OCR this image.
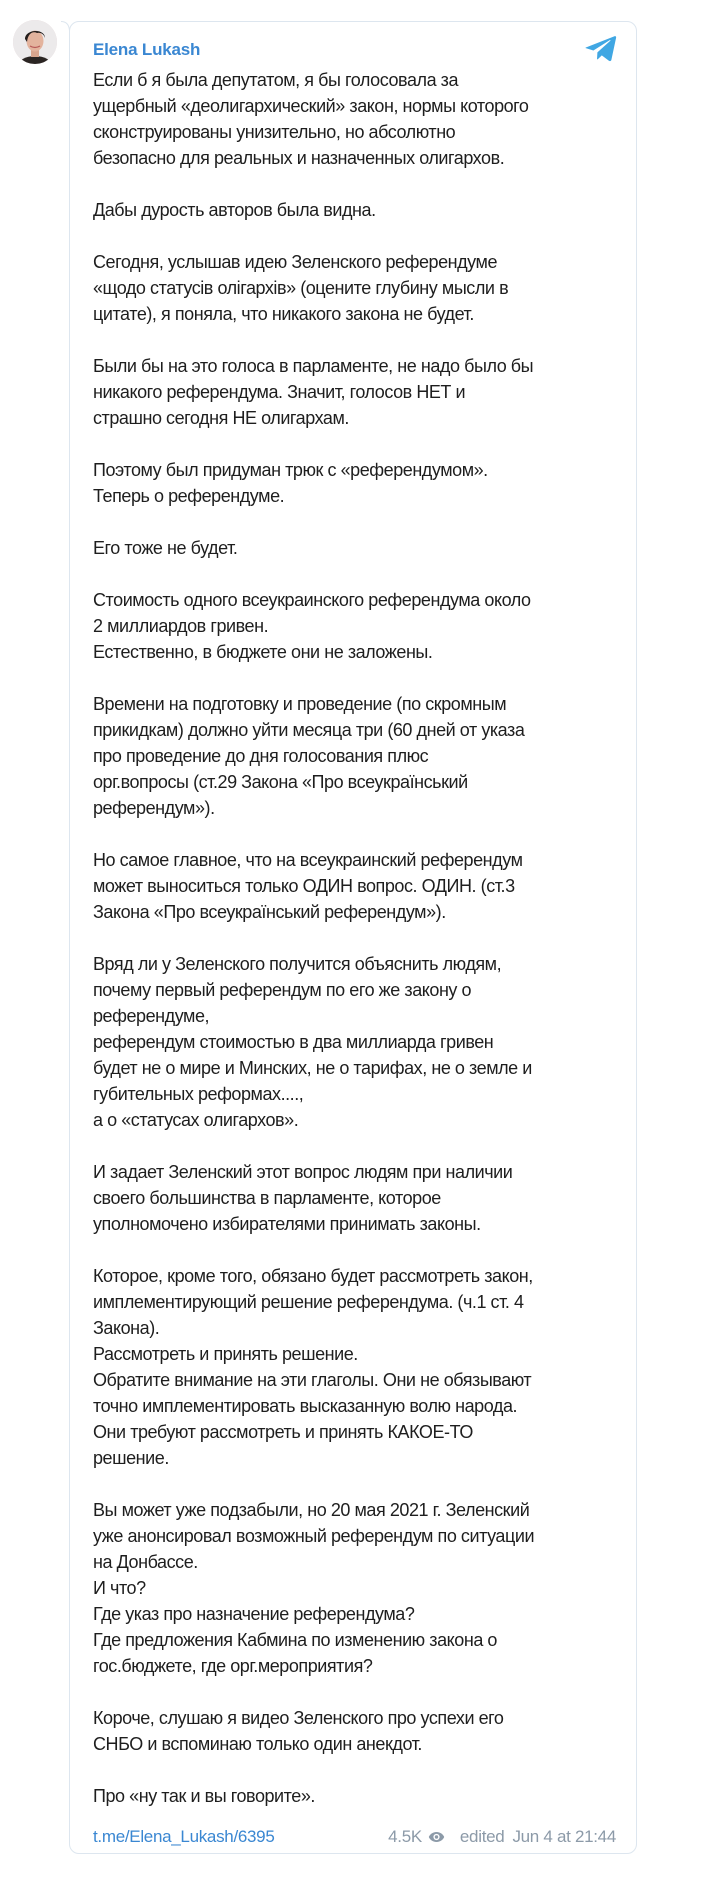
Elena Lukash
Если б я была депутатом, я бы голосовала за
ущербный «деолигархический» закон, нормы которого
сконструированы унизительно, но абсолютно
безопасно для реальных и назначенных олигархов.
Дабы дурость авторов была видна.
Сегодня, услышав идею Зеленского референдуме
«щодо статусів олігархів» (оцените глубину мысли в
цитате), я поняла, что никакого закона не будет.
Были бы на это голоса в парламенте, не надо было бы
никакого референдума. Значит, голосов НЕТ и
страшно сегодня НЕ олигархам.
Поэтому был придуман трюк с «референдумом».
Теперь о референдуме.
Его тоже не будет.
Стоимость одного всеукраинского референдума около
2 миллиардов гривен.
Естественно, в бюджете они не заложены.
Времени на подготовку и проведение (по скромным
прикидкам) должно уйти месяца три (60 дней от указа
про проведение до дня голосования плюс
орг.вопросы (ст.29 Закона «Про всеукраїнський
референдум»).
Но самое главное, что на всеукраинский референдум
может выноситься только ОДИН вопрос. ОДИН. (ст.3
Закона «Про всеукраїнський референдум»).
Вряд ли у Зеленского получится объяснить людям,
почему первый референдум по его же закону о
референдуме,
референдум стоимостью в два миллиарда гривен
будет не о мире и Минских, не о тарифах, не о земле и
губительных реформах....,
а о «статусах олигархов».
И задает Зеленский этот вопрос людям при наличии
своего большинства в парламенте, которое
уполномочено избирателями принимать законы.
Которое, кроме того, обязано будет рассмотреть закон,
имплементирующий решение референдума. (ч.1 ст. 4
Закона).
Рассмотреть и принять решение.
Обратите внимание на эти глаголы. Они не обязывают
точно имплементировать высказанную волю народа.
Они требуют рассмотреть и принять КАКОЕ-ТО
решение.
Вы может уже подзабыли, но 20 мая 2021 г. Зеленский
уже анонсировал возможный референдум по ситуации
на Донбассе.
И что?
Где указ про назначение референдума?
Где предложения Кабмина по изменению закона о
гос.бюджете, где орг.мероприятия?
Короче, слушаю я видео Зеленского про успехи его
СНБО и вспоминаю только один анекдот.
Про «ну так и вы говорите».
t.me/Elena_Lukash/6395	4.5K edited Jun 4 at 21:44
